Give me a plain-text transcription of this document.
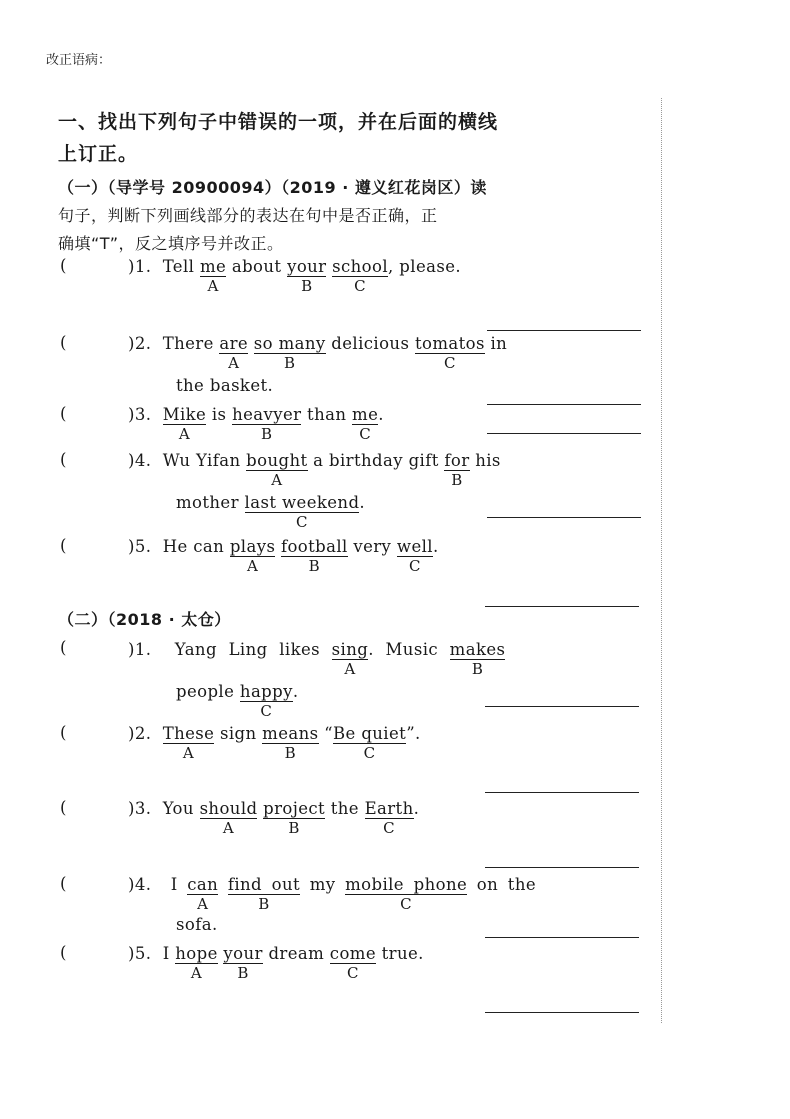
改正语病：
一、找出下列句子中错误的一项，并在后面的横线
上订正。
（一）（导学号 20900094）（2019 · 遵义红花岗区）读
句子，判断下列画线部分的表达在句中是否正确，正
确填“T”，反之填序号并改正。
(	)1. Tell me
A
about your
B
school
C
, please.
(	)2. There are
A
so many
B
delicious tomatos
C
in
the basket.
(	)3. Mike
A
is heavyer
B
than me
C
.
(	)4. Wu Yifan bought
A
a birthday gift for
B
his
mother last weekend
C
.
(	)5. He can plays
A
football
B
very well
C
.
（二）（2018 · 太仓）
(	)1. Yang Ling likes sing
A
. Music makes
B
people happy
C
.
(	)2. These
A
sign means
B
“Be quiet
C
”.
(	)3. You should
A
project
B
the Earth
C
.
(	)4. I can
A
find out
B
my mobile phone
C
on the
sofa.
(	)5. I hope
A
your
B
dream come
C
true.
